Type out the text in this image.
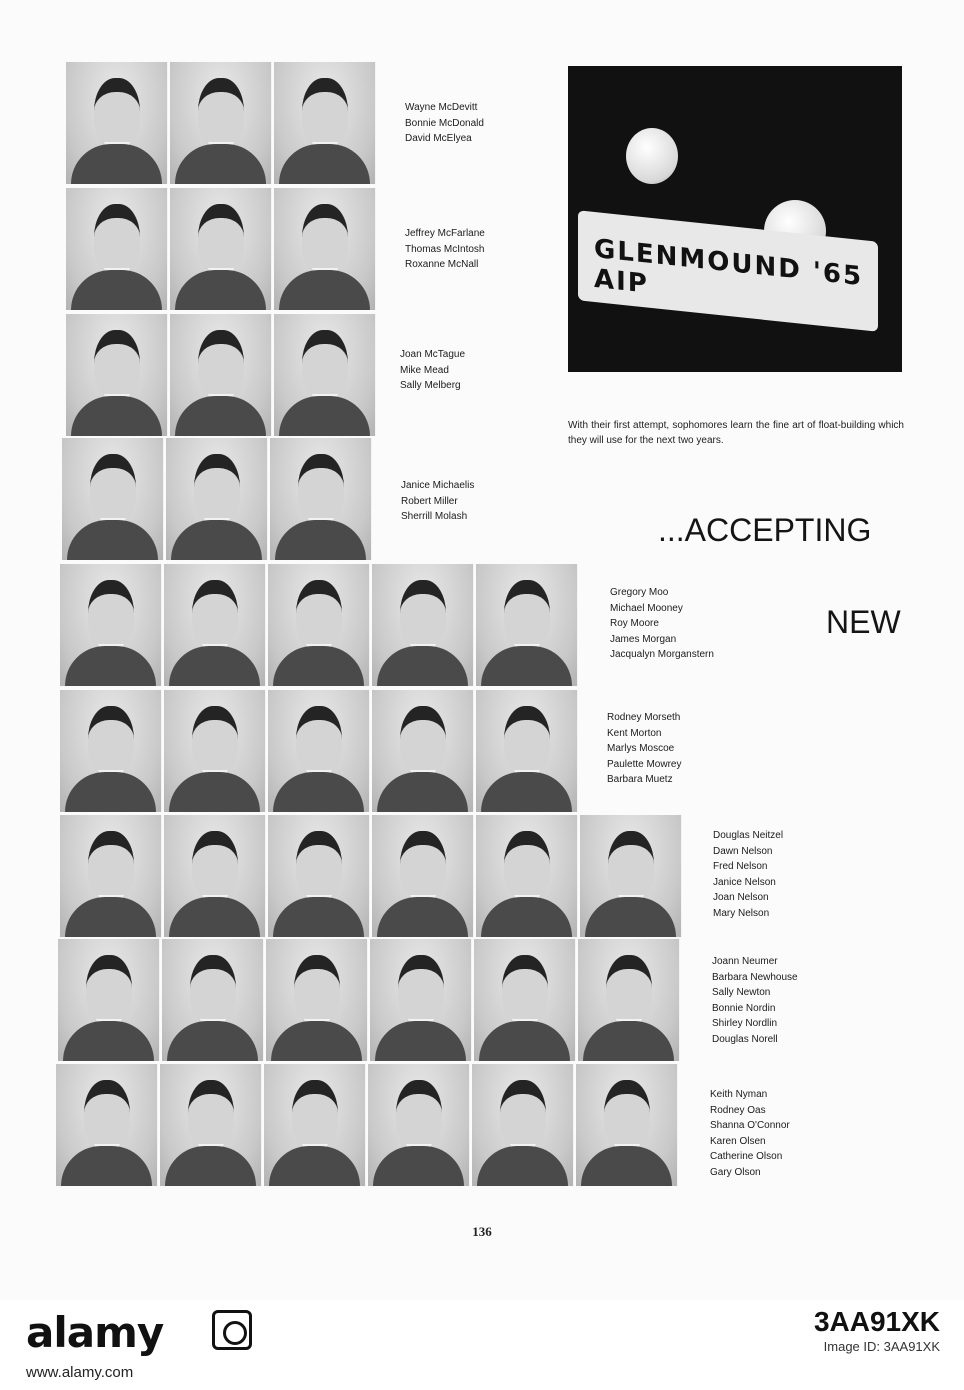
Wayne McDevitt
Bonnie McDonald
David McElyea
Jeffrey McFarlane
Thomas McIntosh
Roxanne McNall
Joan McTague
Mike Mead
Sally Melberg
Janice Michaelis
Robert Miller
Sherrill Molash
Gregory Moo
Michael Mooney
Roy Moore
James Morgan
Jacqualyn Morganstern
Rodney Morseth
Kent Morton
Marlys Moscoe
Paulette Mowrey
Barbara Muetz
Douglas Neitzel
Dawn Nelson
Fred Nelson
Janice Nelson
Joan Nelson
Mary Nelson
Joann Neumer
Barbara Newhouse
Sally Newton
Bonnie Nordin
Shirley Nordlin
Douglas Norell
Keith Nyman
Rodney Oas
Shanna O'Connor
Karen Olsen
Catherine Olson
Gary Olson
GLENMOUND '65 AIP
With their first attempt, sophomores learn the fine art of float-building which they will use for the next two years.
...ACCEPTING
NEW
136
alamy	3AA91XK
Image ID: 3AA91XK
www.alamy.com
